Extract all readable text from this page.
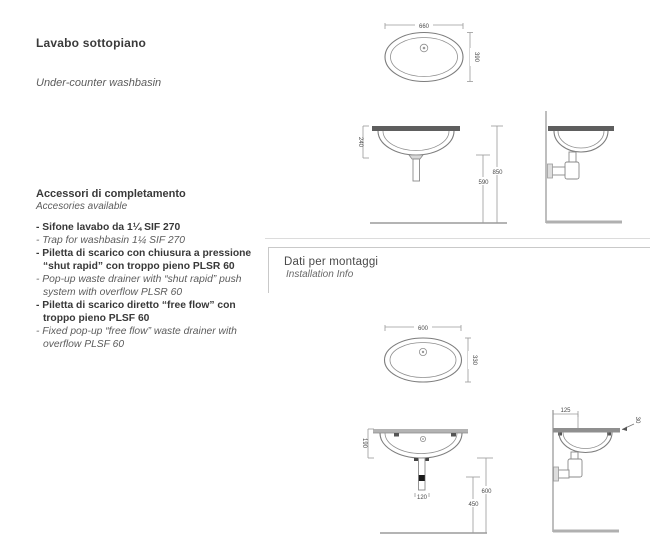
Lavabo sottopiano
Under-counter washbasin
Accessori di completamento
Accesories available

- Sifone lavabo da 1¼ SIF 270

- Trap for washbasin 1¼ SIF 270

- Piletta di scarico con chiusura a pressione “shut rapid” con troppo pieno PLSR 60

- Pop-up waste drainer with “shut rapid” push system with overflow PLSR 60

- Piletta di scarico diretto “free flow” con troppo pieno PLSF 60

- Fixed pop-up “free flow” waste drainer with overflow PLSF 60

Dati per montaggi
Installation Info
660
390
240
850
590
600
330
120
190
600
450
125
30
